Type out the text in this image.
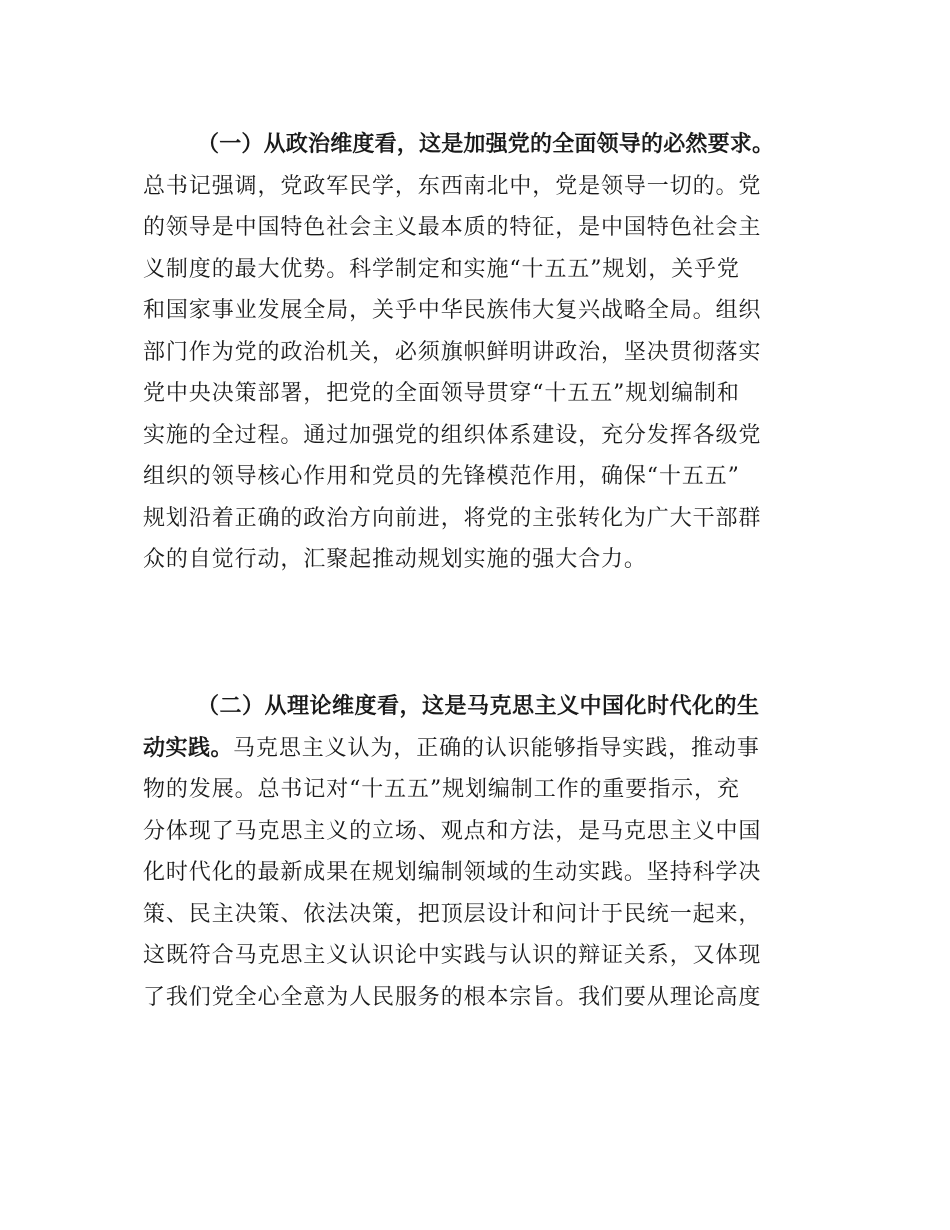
（一）从政治维度看，这是加强党的全面领导的必然要求。
总书记强调，党政军民学，东西南北中，党是领导一切的。党
的领导是中国特色社会主义最本质的特征，是中国特色社会主
义制度的最大优势。科学制定和实施“十五五”规划，关乎党
和国家事业发展全局，关乎中华民族伟大复兴战略全局。组织
部门作为党的政治机关，必须旗帜鲜明讲政治，坚决贯彻落实
党中央决策部署，把党的全面领导贯穿“十五五”规划编制和
实施的全过程。通过加强党的组织体系建设，充分发挥各级党
组织的领导核心作用和党员的先锋模范作用，确保“十五五”
规划沿着正确的政治方向前进，将党的主张转化为广大干部群
众的自觉行动，汇聚起推动规划实施的强大合力。
（二）从理论维度看，这是马克思主义中国化时代化的生
动实践。马克思主义认为，正确的认识能够指导实践，推动事
物的发展。总书记对“十五五”规划编制工作的重要指示，充
分体现了马克思主义的立场、观点和方法，是马克思主义中国
化时代化的最新成果在规划编制领域的生动实践。坚持科学决
策、民主决策、依法决策，把顶层设计和问计于民统一起来，
这既符合马克思主义认识论中实践与认识的辩证关系，又体现
了我们党全心全意为人民服务的根本宗旨。我们要从理论高度
